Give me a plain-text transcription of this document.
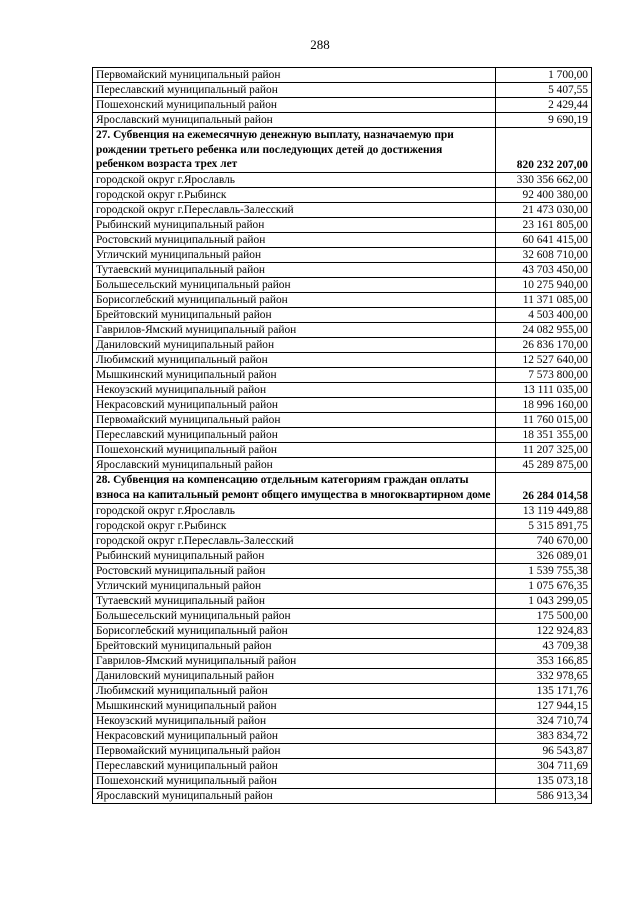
288
Первомайский муниципальный район	1 700,00
Переславский муниципальный район	5 407,55
Пошехонский муниципальный район	2 429,44
Ярославский муниципальный район	9 690,19
27. Субвенция на ежемесячную денежную выплату, назначаемую при рождении третьего ребенка или последующих детей до достижения ребенком возраста трех лет	820 232 207,00
городской округ г.Ярославль	330 356 662,00
городской округ г.Рыбинск	92 400 380,00
городской округ г.Переславль-Залесский	21 473 030,00
Рыбинский муниципальный район	23 161 805,00
Ростовский муниципальный район	60 641 415,00
Угличский муниципальный район	32 608 710,00
Тутаевский муниципальный район	43 703 450,00
Большесельский муниципальный район	10 275 940,00
Борисоглебский муниципальный район	11 371 085,00
Брейтовский муниципальный район	4 503 400,00
Гаврилов-Ямский муниципальный район	24 082 955,00
Даниловский муниципальный район	26 836 170,00
Любимский муниципальный район	12 527 640,00
Мышкинский муниципальный район	7 573 800,00
Некоузский муниципальный район	13 111 035,00
Некрасовский муниципальный район	18 996 160,00
Первомайский муниципальный район	11 760 015,00
Переславский муниципальный район	18 351 355,00
Пошехонский муниципальный район	11 207 325,00
Ярославский муниципальный район	45 289 875,00
28. Субвенция на компенсацию отдельным категориям граждан оплаты взноса на капитальный ремонт общего имущества в многоквартирном доме	26 284 014,58
городской округ г.Ярославль	13 119 449,88
городской округ г.Рыбинск	5 315 891,75
городской округ г.Переславль-Залесский	740 670,00
Рыбинский муниципальный район	326 089,01
Ростовский муниципальный район	1 539 755,38
Угличский муниципальный район	1 075 676,35
Тутаевский муниципальный район	1 043 299,05
Большесельский муниципальный район	175 500,00
Борисоглебский муниципальный район	122 924,83
Брейтовский муниципальный район	43 709,38
Гаврилов-Ямский муниципальный район	353 166,85
Даниловский муниципальный район	332 978,65
Любимский муниципальный район	135 171,76
Мышкинский муниципальный район	127 944,15
Некоузский муниципальный район	324 710,74
Некрасовский муниципальный район	383 834,72
Первомайский муниципальный район	96 543,87
Переславский муниципальный район	304 711,69
Пошехонский муниципальный район	135 073,18
Ярославский муниципальный район	586 913,34
